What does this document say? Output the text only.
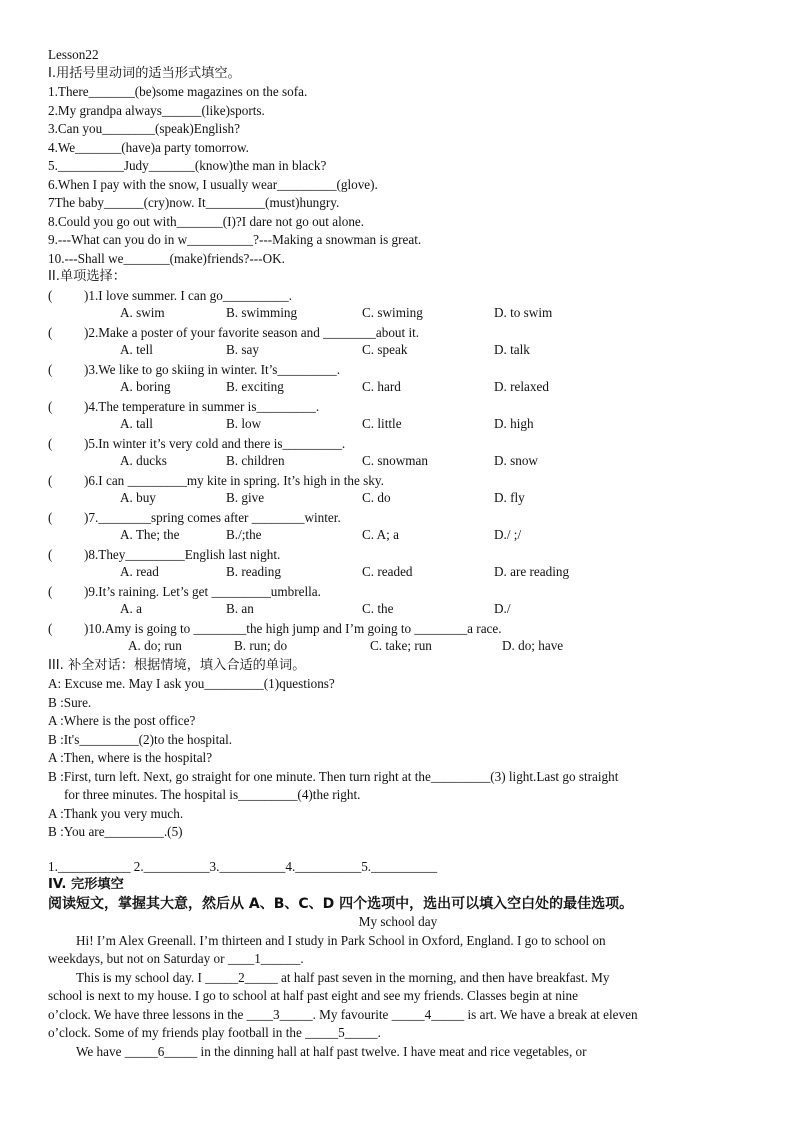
Lesson22
I.用括号里动词的适当形式填空。
1.There_______(be)some magazines on the sofa.
2.My grandpa always______(like)sports.
3.Can you________(speak)English?
4.We_______(have)a party tomorrow.
5.__________Judy_______(know)the man in black?
6.When I pay with the snow, I usually wear_________(glove).
7The baby______(cry)now. It_________(must)hungry.
8.Could you go out with_______(I)?I dare not go out alone.
9.---What can you do in w__________?---Making a snowman is great.
10.---Shall we_______(make)friends?---OK.
II.单项选择：
( )1.I love summer. I can go__________.
A. swim	B. swimming	C. swiming	D. to swim
( )2.Make a poster of your favorite season and ________about it.
A. tell	B. say	C. speak	D. talk
( )3.We like to go skiing in winter. It’s_________.
A. boring	B. exciting	C. hard	D. relaxed
( )4.The temperature in summer is_________.
A. tall	B. low	C. little	D. high
( )5.In winter it’s very cold and there is_________.
A. ducks	B. children	C. snowman	D. snow
( )6.I can _________my kite in spring. It’s high in the sky.
A. buy	B. give	C. do	D. fly
( )7.________spring comes after ________winter.
A. The; the	B./;the	C. A; a	D./ ;/
( )8.They_________English last night.
A. read	B. reading	C. readed	D. are reading
( )9.It’s raining. Let’s get _________umbrella.
A. a	B. an	C. the	D./
( )10.Amy is going to ________the high jump and I’m going to ________a race.
A. do; run	B. run; do	C. take; run	D. do; have
III. 补全对话：根据情境，填入合适的单词。
A: Excuse me. May I ask you_________(1)questions?
B :Sure.
A :Where is the post office?
B :It's_________(2)to the hospital.
A :Then, where is the hospital?
B :First, turn left. Next, go straight for one minute. Then turn right at the_________(3) light.Last go straight
for three minutes. The hospital is_________(4)the right.
A :Thank you very much.
B :You are_________.(5)
1.___________ 2.__________3.__________4.__________5.__________
IV. 完形填空
阅读短文，掌握其大意，然后从 A、B、C、D 四个选项中，选出可以填入空白处的最佳选项。
My school day
Hi! I’m Alex Greenall. I’m thirteen and I study in Park School in Oxford, England. I go to school on
weekdays, but not on Saturday or ____1______.
This is my school day. I _____2_____ at half past seven in the morning, and then have breakfast. My
school is next to my house. I go to school at half past eight and see my friends. Classes begin at nine
o’clock. We have three lessons in the ____3_____. My favourite _____4_____ is art. We have a break at eleven
o’clock. Some of my friends play football in the _____5_____.
We have _____6_____ in the dinning hall at half past twelve. I have meat and rice vegetables, or
